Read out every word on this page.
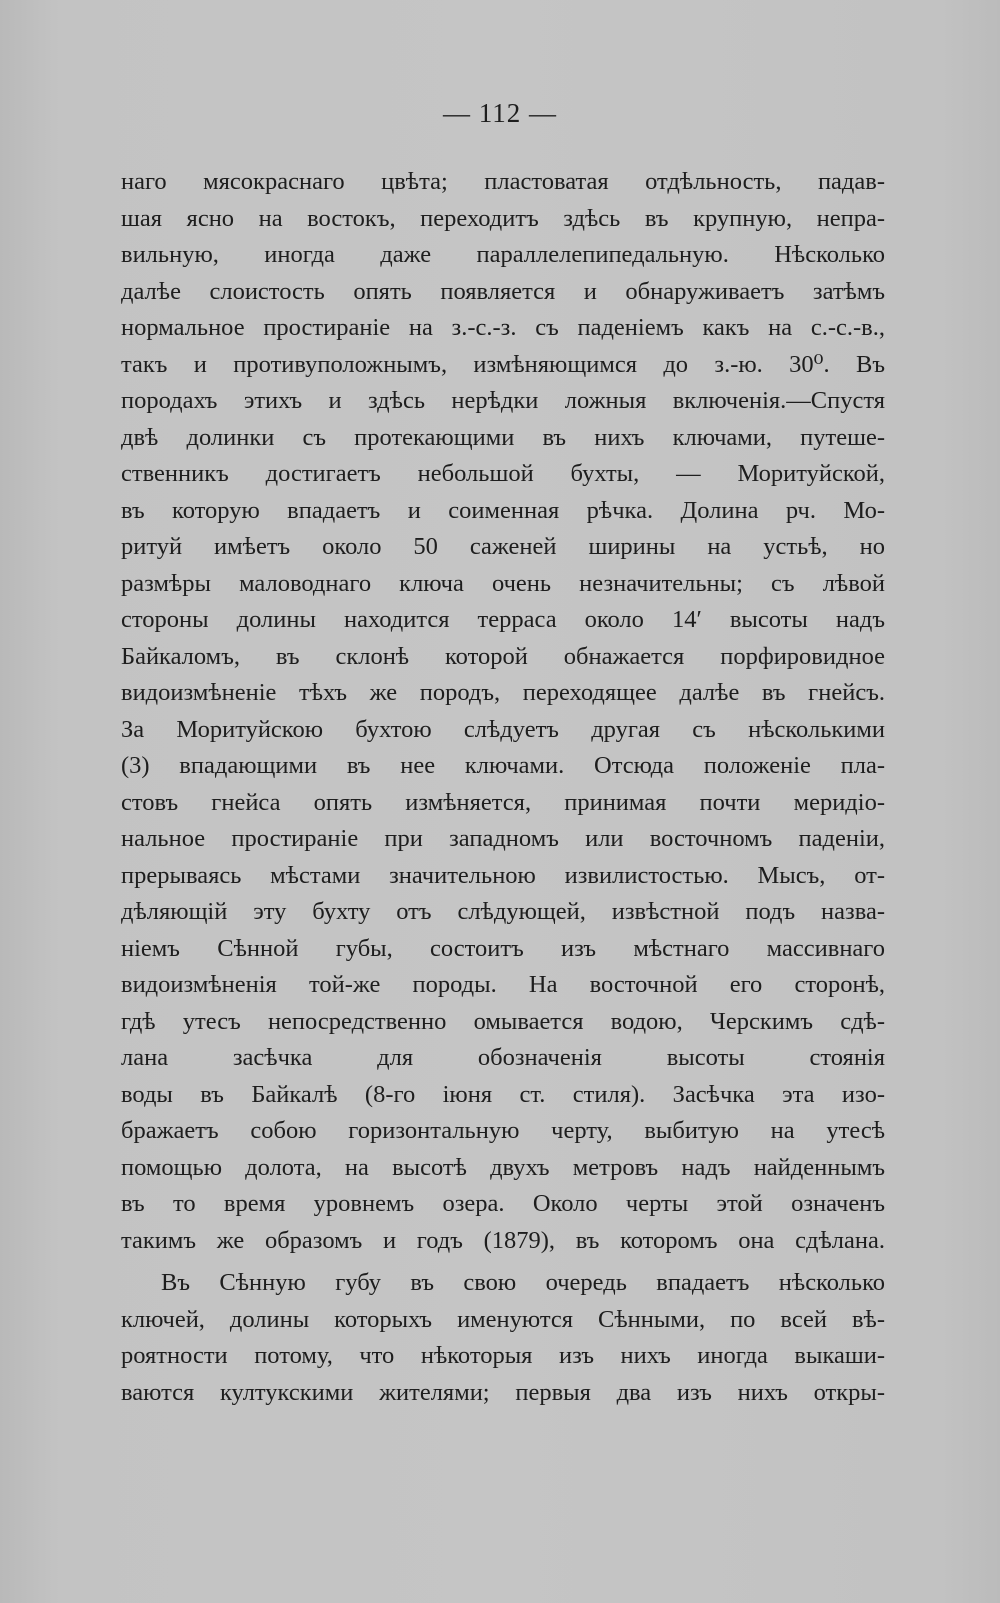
— 112 —
наго мясокраснаго цвѣта; пластоватая отдѣльность, падав-
шая ясно на востокъ, переходитъ здѣсь въ крупную, непра-
вильную, иногда даже параллелепипедальную. Нѣсколько
далѣе слоистость опять появляется и обнаруживаетъ затѣмъ
нормальное простираніе на з.-с.-з. съ паденіемъ какъ на с.-с.-в.,
такъ и противуположнымъ, измѣняющимся до з.-ю. 30⁰. Въ
породахъ этихъ и здѣсь нерѣдки ложныя включенія.—Спустя
двѣ долинки съ протекающими въ нихъ ключами, путеше-
ственникъ достигаетъ небольшой бухты, — Моритуйской,
въ которую впадаетъ и соименная рѣчка. Долина рч. Мо-
ритуй имѣетъ около 50 саженей ширины на устьѣ, но
размѣры маловоднаго ключа очень незначительны; съ лѣвой
стороны долины находится терраса около 14′ высоты надъ
Байкаломъ, въ склонѣ которой обнажается порфировидное
видоизмѣненіе тѣхъ же породъ, переходящее далѣе въ гнейсъ.
За Моритуйскою бухтою слѣдуетъ другая съ нѣсколькими
(3) впадающими въ нее ключами. Отсюда положеніе пла-
стовъ гнейса опять измѣняется, принимая почти меридіо-
нальное простираніе при западномъ или восточномъ паденіи,
прерываясь мѣстами значительною извилистостью. Мысъ, от-
дѣляющій эту бухту отъ слѣдующей, извѣстной подъ назва-
ніемъ Сѣнной губы, состоитъ изъ мѣстнаго массивнаго
видоизмѣненія той-же породы. На восточной его сторонѣ,
гдѣ утесъ непосредственно омывается водою, Черскимъ сдѣ-
лана засѣчка для обозначенія высоты стоянія
воды въ Байкалѣ (8-го іюня ст. стиля). Засѣчка эта изо-
бражаетъ собою горизонтальную черту, выбитую на утесѣ
помощью долота, на высотѣ двухъ метровъ надъ найденнымъ
въ то время уровнемъ озера. Около черты этой означенъ
такимъ же образомъ и годъ (1879), въ которомъ она сдѣлана.
Въ Сѣнную губу въ свою очередь впадаетъ нѣсколько
ключей, долины которыхъ именуются Сѣнными, по всей вѣ-
роятности потому, что нѣкоторыя изъ нихъ иногда выкаши-
ваются култукскими жителями; первыя два изъ нихъ откры-
